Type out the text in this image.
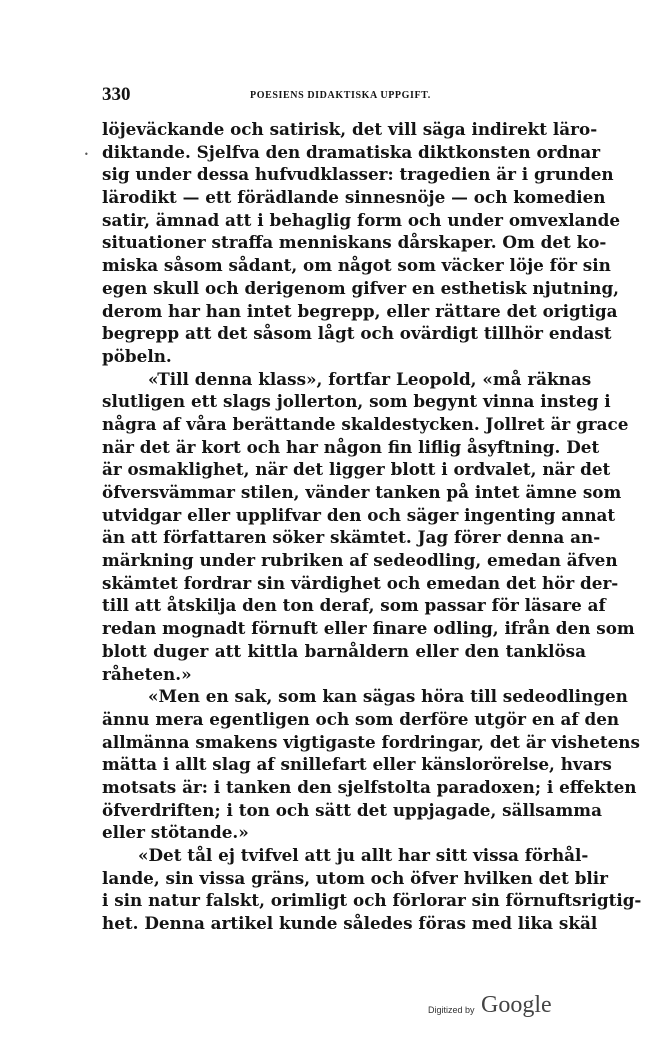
330	POESIENS DIDAKTISKA UPPGIFT.
•
löjeväckande och satirisk, det vill säga indirekt läro-
diktande. Sjelfva den dramatiska diktkonsten ordnar
sig under dessa hufvudklasser: tragedien är i grunden
lärodikt — ett förädlande sinnesnöje — och komedien
satir, ämnad att i behaglig form och under omvexlande
situationer straffa menniskans dårskaper. Om det ko-
miska såsom sådant, om något som väcker löje för sin
egen skull och derigenom gifver en esthetisk njutning,
derom har han intet begrepp, eller rättare det origtiga
begrepp att det såsom lågt och ovärdigt tillhör endast
pöbeln.
«Till denna klass», fortfar Leopold, «må räknas
slutligen ett slags jollerton, som begynt vinna insteg i
några af våra berättande skaldestycken. Jollret är grace
när det är kort och har någon fin liflig åsyftning. Det
är osmaklighet, när det ligger blott i ordvalet, när det
öfversvämmar stilen, vänder tanken på intet ämne som
utvidgar eller upplifvar den och säger ingenting annat
än att författaren söker skämtet. Jag förer denna an-
märkning under rubriken af sedeodling, emedan äfven
skämtet fordrar sin värdighet och emedan det hör der-
till att åtskilja den ton deraf, som passar för läsare af
redan mognadt förnuft eller finare odling, ifrån den som
blott duger att kittla barnåldern eller den tanklösa
råheten.»
«Men en sak, som kan sägas höra till sedeodlingen
ännu mera egentligen och som derföre utgör en af den
allmänna smakens vigtigaste fordringar, det är vishetens
mätta i allt slag af snillefart eller känslorörelse, hvars
motsats är: i tanken den sjelfstolta paradoxen; i effekten
öfverdriften; i ton och sätt det uppjagade, sällsamma
eller stötande.»
«Det tål ej tvifvel att ju allt har sitt vissa förhål-
lande, sin vissa gräns, utom och öfver hvilken det blir
i sin natur falskt, orimligt och förlorar sin förnuftsrigtig-
het. Denna artikel kunde således föras med lika skäl
Digitized by Google
